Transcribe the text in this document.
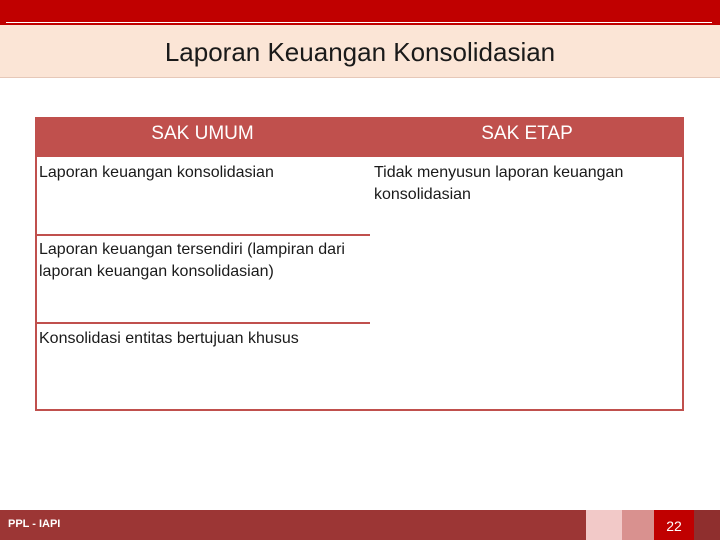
Laporan Keuangan Konsolidasian
SAK UMUM	SAK ETAP
Laporan keuangan konsolidasian
Laporan keuangan tersendiri (lampiran dari laporan keuangan konsolidasian)
Konsolidasi entitas bertujuan khusus
Tidak menyusun laporan keuangan konsolidasian
PPL - IAPI	22
